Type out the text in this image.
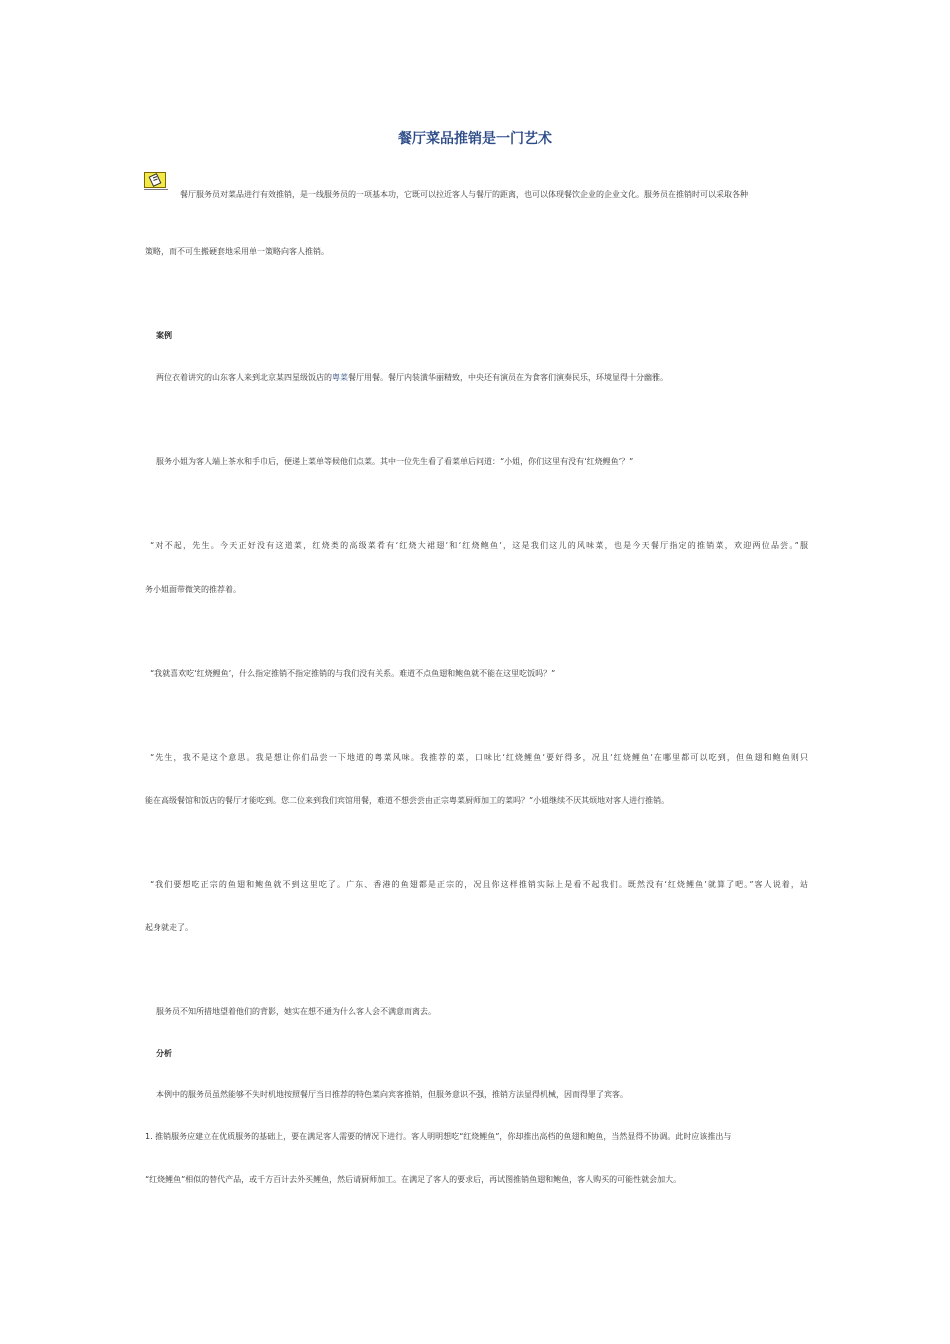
餐厅菜品推销是一门艺术
餐厅服务员对菜品进行有效推销，是一线服务员的一项基本功，它既可以拉近客人与餐厅的距离，也可以体现餐饮企业的企业文化。服务员在推销时可以采取各种
策略，而不可生搬硬套地采用单一策略向客人推销。
案例
两位衣着讲究的山东客人来到北京某四星级饭店的粤菜餐厅用餐。餐厅内装潢华丽精致，中央还有演员在为食客们演奏民乐，环境显得十分幽雅。
服务小姐为客人端上茶水和手巾后，便递上菜单等候他们点菜。其中一位先生看了看菜单后问道：“小姐，你们这里有没有‘红烧鲤鱼’？”
“对不起，先生。今天正好没有这道菜，红烧类的高级菜肴有‘红烧大裙翅’和‘红烧鲍鱼’，这是我们这儿的风味菜，也是今天餐厅指定的推销菜，欢迎两位品尝。”服
务小姐面带微笑的推荐着。
“我就喜欢吃‘红烧鲤鱼’，什么指定推销不指定推销的与我们没有关系。难道不点鱼翅和鲍鱼就不能在这里吃饭吗？”
“先生，我不是这个意思。我是想让你们品尝一下地道的粤菜风味。我推荐的菜，口味比‘红烧鲤鱼’要好得多，况且‘红烧鲤鱼’在哪里都可以吃到，但鱼翅和鲍鱼则只
能在高级餐馆和饭店的餐厅才能吃到。您二位来到我们宾馆用餐，难道不想尝尝由正宗粤菜厨师加工的菜吗？”小姐继续不厌其烦地对客人进行推销。
“我们要想吃正宗的鱼翅和鲍鱼就不到这里吃了。广东、香港的鱼翅都是正宗的，况且你这样推销实际上是看不起我们。既然没有‘红烧鲤鱼’就算了吧。”客人说着，站
起身就走了。
服务员不知所措地望着他们的背影，她实在想不通为什么客人会不满意而离去。
分析
本例中的服务员虽然能够不失时机地按照餐厅当日推荐的特色菜向宾客推销，但服务意识不强，推销方法显得机械，因而得罪了宾客。
1. 推销服务应建立在优质服务的基础上，要在满足客人需要的情况下进行。客人明明想吃“红烧鲤鱼”，你却推出高档的鱼翅和鲍鱼，当然显得不协调。此时应该推出与
“红烧鲤鱼”相似的替代产品，或千方百计去外买鲤鱼，然后请厨师加工。在满足了客人的要求后，再试图推销鱼翅和鲍鱼，客人购买的可能性就会加大。
